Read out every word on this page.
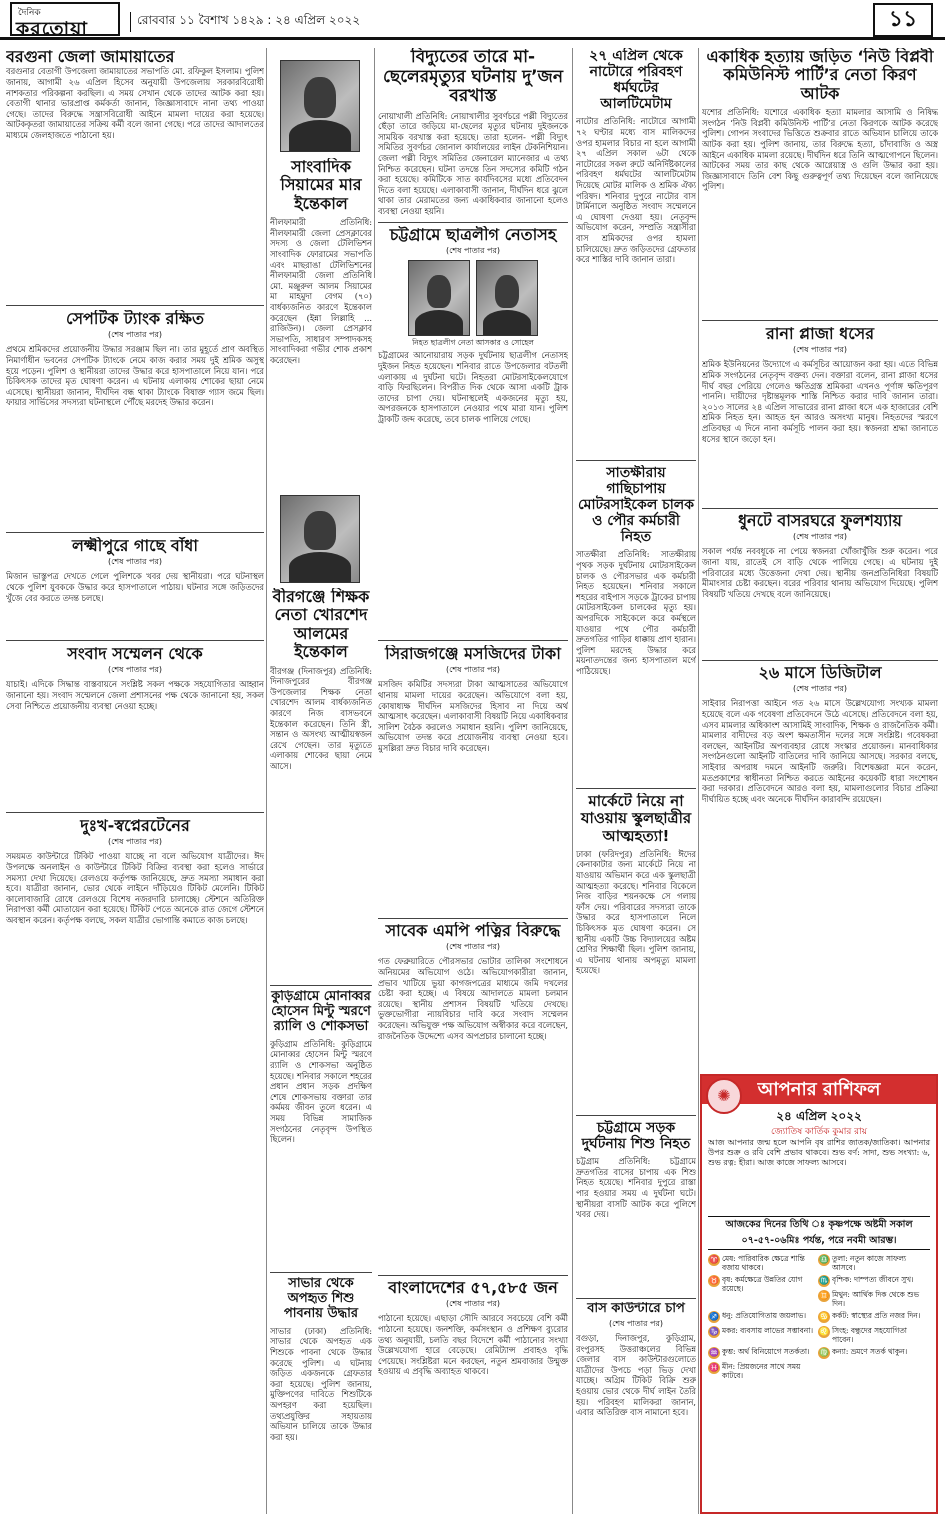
দৈনিক
করতোয়া	রোববার ১১ বৈশাখ ১৪২৯ : ২৪ এপ্রিল ২০২২	১১
বরগুনা জেলা জামায়াতের
বরগুনার বেতাগী উপজেলা জামায়াতের সভাপতি মো. রফিকুল ইসলাম। পুলিশ জানায়, আগামী ২৬ এপ্রিল হিসেব অনুযায়ী উপজেলায় সরকারবিরোধী নাশকতার পরিকল্পনা করছিল। এ সময় সেখান থেকে তাদের আটক করা হয়। বেতাগী থানার ভারপ্রাপ্ত কর্মকর্তা জানান, জিজ্ঞাসাবাদে নানা তথ্য পাওয়া গেছে। তাদের বিরুদ্ধে সন্ত্রাসবিরোধী আইনে মামলা দায়ের করা হয়েছে। আটককৃতরা জামায়াতের সক্রিয় কর্মী বলে জানা গেছে। পরে তাদের আদালতের মাধ্যমে জেলহাজতে পাঠানো হয়।
সেপটিক ট্যাংক রক্ষিত
(শেষ পাতার পর)
প্রথমে শ্রমিকদের প্রয়োজনীয় উদ্ধার সরঞ্জাম ছিল না। তার মুহূর্তে প্রাণ অবস্থিত নিমার্ণাধীন ভবনের সেপটিক ট্যাংকে নেমে কাজ করার সময় দুই শ্রমিক অসুস্থ হয়ে পড়েন। পুলিশ ও স্থানীয়রা তাদের উদ্ধার করে হাসপাতালে নিয়ে যান। পরে চিকিৎসক তাদের মৃত ঘোষণা করেন। এ ঘটনায় এলাকায় শোকের ছায়া নেমে এসেছে। স্থানীয়রা জানান, দীর্ঘদিন বন্ধ থাকা ট্যাংকে বিষাক্ত গ্যাস জমে ছিল। ফায়ার সার্ভিসের সদস্যরা ঘটনাস্থলে পৌঁছে মরদেহ উদ্ধার করেন।
লক্ষ্মীপুরে গাছে বাঁধা
(শেষ পাতার পর)
মিজান ভাস্তুপত্র দেখতে গেলে পুলিশকে খবর দেয় স্থানীয়রা। পরে ঘটনাস্থল থেকে পুলিশ যুবককে উদ্ধার করে হাসপাতালে পাঠায়। ঘটনার সঙ্গে জড়িতদের খুঁজে বের করতে তদন্ত চলছে।
সংবাদ সম্মেলন থেকে
(শেষ পাতার পর)
যাচাই। এদিকে সিদ্ধান্ত বাস্তবায়নে সংশ্লিষ্ট সকল পক্ষকে সহযোগিতার আহ্বান জানানো হয়। সংবাদ সম্মেলনে জেলা প্রশাসনের পক্ষ থেকে জানানো হয়, সকল সেবা নিশ্চিতে প্রয়োজনীয় ব্যবস্থা নেওয়া হচ্ছে।
দুঃখ-স্বপ্নেরটেনের
(শেষ পাতার পর)
সময়মত কাউন্টারে টিকিট পাওয়া যাচ্ছে না বলে অভিযোগ যাত্রীদের। ঈদ উপলক্ষে অনলাইন ও কাউন্টারে টিকিট বিক্রির ব্যবস্থা করা হলেও সার্ভারে সমস্যা দেখা দিয়েছে। রেলওয়ে কর্তৃপক্ষ জানিয়েছে, দ্রুত সমস্যা সমাধান করা হবে। যাত্রীরা জানান, ভোর থেকে লাইনে দাঁড়িয়েও টিকিট মেলেনি। টিকিট কালোবাজারি রোধে রেলওয়ে বিশেষ নজরদারি চালাচ্ছে। স্টেশনে অতিরিক্ত নিরাপত্তা কর্মী মোতায়েন করা হয়েছে। টিকিট পেতে অনেকে রাত জেগে স্টেশনে অবস্থান করেন। কর্তৃপক্ষ বলছে, সকল যাত্রীর ভোগান্তি কমাতে কাজ চলছে।
সাংবাদিক সিয়ামের মার ইন্তেকাল
নীলফামারী প্রতিনিধি: নীলফামারী জেলা প্রেসক্লাবের সদস্য ও জেলা টেলিভিশন সাংবাদিক ফোরামের সভাপতি এবং মাছরাঙা টেলিভিশনের নীলফামারী জেলা প্রতিনিধি মো. মঞ্জুরুল আলম সিয়ামের মা মাহমুদা বেগম (৭০) বার্ধক্যজনিত কারণে ইন্তেকাল করেছেন (ইন্না লিল্লাহি ... রাজিউন)। জেলা প্রেসক্লাব সভাপতি, সাধারণ সম্পাদকসহ সাংবাদিকরা গভীর শোক প্রকাশ করেছেন।
বীরগঞ্জে শিক্ষক নেতা খোরশেদ আলমের ইন্তেকাল
বীরগঞ্জ (দিনাজপুর) প্রতিনিধি: দিনাজপুরের বীরগঞ্জ উপজেলার শিক্ষক নেতা খোরশেদ আলম বার্ধক্যজনিত কারণে নিজ বাসভবনে ইন্তেকাল করেছেন। তিনি স্ত্রী, সন্তান ও অসংখ্য আত্মীয়স্বজন রেখে গেছেন। তার মৃত্যুতে এলাকায় শোকের ছায়া নেমে আসে।
কুড়িগ্রামে মোনাব্বর হোসেন মিন্টু স্মরণে র‌্যালি ও শোকসভা
কুড়িগ্রাম প্রতিনিধি: কুড়িগ্রামে মোনাব্বর হোসেন মিন্টু স্মরণে র‌্যালি ও শোকসভা অনুষ্ঠিত হয়েছে। শনিবার সকালে শহরের প্রধান প্রধান সড়ক প্রদক্ষিণ শেষে শোকসভায় বক্তারা তার কর্মময় জীবন তুলে ধরেন। এ সময় বিভিন্ন সামাজিক সংগঠনের নেতৃবৃন্দ উপস্থিত ছিলেন।
সাভার থেকে অপহৃত শিশু পাবনায় উদ্ধার
সাভার (ঢাকা) প্রতিনিধি: সাভার থেকে অপহৃত এক শিশুকে পাবনা থেকে উদ্ধার করেছে পুলিশ। এ ঘটনায় জড়িত একজনকে গ্রেফতার করা হয়েছে। পুলিশ জানায়, মুক্তিপণের দাবিতে শিশুটিকে অপহরণ করা হয়েছিল। তথ্যপ্রযুক্তির সহায়তায় অভিযান চালিয়ে তাকে উদ্ধার করা হয়।
বিদ্যুতের তারে মা-ছেলেরমৃত্যুর ঘটনায় দু’জন বরখাস্ত
নোয়াখালী প্রতিনিধি: নোয়াখালীর সুবর্ণচরে পল্লী বিদ্যুতের ছেঁড়া তারে জড়িয়ে মা-ছেলের মৃত্যুর ঘটনায় দুইজনকে সাময়িক বরখাস্ত করা হয়েছে। তারা হলেন- পল্লী বিদ্যুৎ সমিতির সুবর্ণচর জোনাল কার্যালয়ের লাইন টেকনিশিয়ান। জেলা পল্লী বিদ্যুৎ সমিতির জেনারেল ম্যানেজার এ তথ্য নিশ্চিত করেছেন। ঘটনা তদন্তে তিন সদস্যের কমিটি গঠন করা হয়েছে। কমিটিকে সাত কার্যদিবসের মধ্যে প্রতিবেদন দিতে বলা হয়েছে। এলাকাবাসী জানান, দীর্ঘদিন ধরে ঝুলে থাকা তার মেরামতের জন্য একাধিকবার জানানো হলেও ব্যবস্থা নেওয়া হয়নি।
চট্টগ্রামে ছাত্রলীগ নেতাসহ
(শেষ পাতার পর)
নিহত ছাত্রলীগ নেতা আসকার ও সোহেল
চট্টগ্রামের আনোয়ারায় সড়ক দুর্ঘটনায় ছাত্রলীগ নেতাসহ দুইজন নিহত হয়েছেন। শনিবার রাতে উপজেলার বটতলী এলাকায় এ দুর্ঘটনা ঘটে। নিহতরা মোটরসাইকেলযোগে বাড়ি ফিরছিলেন। বিপরীত দিক থেকে আসা একটি ট্রাক তাদের চাপা দেয়। ঘটনাস্থলেই একজনের মৃত্যু হয়, অপরজনকে হাসপাতালে নেওয়ার পথে মারা যান। পুলিশ ট্রাকটি জব্দ করেছে, তবে চালক পালিয়ে গেছে।
সিরাজগঞ্জে মসজিদের টাকা
(শেষ পাতার পর)
মসজিদ কমিটির সদস্যরা টাকা আত্মসাতের অভিযোগে থানায় মামলা দায়ের করেছেন। অভিযোগে বলা হয়, কোষাধ্যক্ষ দীর্ঘদিন মসজিদের হিসাব না দিয়ে অর্থ আত্মসাৎ করেছেন। এলাকাবাসী বিষয়টি নিয়ে একাধিকবার সালিশ বৈঠক করলেও সমাধান হয়নি। পুলিশ জানিয়েছে, অভিযোগ তদন্ত করে প্রয়োজনীয় ব্যবস্থা নেওয়া হবে। মুসল্লিরা দ্রুত বিচার দাবি করেছেন।
সাবেক এমপি পত্নির বিরুদ্ধে
(শেষ পাতার পর)
গত ফেব্রুয়ারিতে পৌরসভার ভোটার তালিকা সংশোধনে অনিয়মের অভিযোগ ওঠে। অভিযোগকারীরা জানান, প্রভাব খাটিয়ে ভুয়া কাগজপত্রের মাধ্যমে জমি দখলের চেষ্টা করা হচ্ছে। এ বিষয়ে আদালতে মামলা চলমান রয়েছে। স্থানীয় প্রশাসন বিষয়টি খতিয়ে দেখছে। ভুক্তভোগীরা ন্যায়বিচার দাবি করে সংবাদ সম্মেলন করেছেন। অভিযুক্ত পক্ষ অভিযোগ অস্বীকার করে বলেছেন, রাজনৈতিক উদ্দেশ্যে এসব অপপ্রচার চালানো হচ্ছে।
বাংলাদেশের ৫৭,৫৮৫ জন
(শেষ পাতার পর)
পাঠানো হয়েছে। এছাড়া সৌদি আরবে সবচেয়ে বেশি কর্মী পাঠানো হয়েছে। জনশক্তি, কর্মসংস্থান ও প্রশিক্ষণ ব্যুরোর তথ্য অনুযায়ী, চলতি বছর বিদেশে কর্মী পাঠানোর সংখ্যা উল্লেখযোগ্য হারে বেড়েছে। রেমিট্যান্স প্রবাহও বৃদ্ধি পেয়েছে। সংশ্লিষ্টরা মনে করছেন, নতুন শ্রমবাজার উন্মুক্ত হওয়ায় এ প্রবৃদ্ধি অব্যাহত থাকবে।
২৭ এপ্রিল থেকে নাটোরে পরিবহণ ধর্মঘটের আলটিমেটাম
নাটোর প্রতিনিধি: নাটোরে আগামী ৭২ ঘণ্টার মধ্যে বাস মালিকদের ওপর হামলার বিচার না হলে আগামী ২৭ এপ্রিল সকাল ৬টা থেকে নাটোরের সকল রুটে অনির্দিষ্টকালের পরিবহণ ধর্মঘটের আলটিমেটাম দিয়েছে মোটর মালিক ও শ্রমিক ঐক্য পরিষদ। শনিবার দুপুরে নাটোর বাস টার্মিনালে অনুষ্ঠিত সংবাদ সম্মেলনে এ ঘোষণা দেওয়া হয়। নেতৃবৃন্দ অভিযোগ করেন, সম্প্রতি সন্ত্রাসীরা বাস শ্রমিকদের ওপর হামলা চালিয়েছে। দ্রুত জড়িতদের গ্রেফতার করে শাস্তির দাবি জানান তারা।
সাতক্ষীরায় গাছিচাপায় মোটরসাইকেল চালক ও পৌর কর্মচারী নিহত
সাতক্ষীরা প্রতিনিধি: সাতক্ষীরায় পৃথক সড়ক দুর্ঘটনায় মোটরসাইকেল চালক ও পৌরসভার এক কর্মচারী নিহত হয়েছেন। শনিবার সকালে শহরের বাইপাস সড়কে ট্রাকের চাপায় মোটরসাইকেল চালকের মৃত্যু হয়। অপরদিকে সাইকেলে করে কর্মস্থলে যাওয়ার পথে পৌর কর্মচারী দ্রুতগতির গাড়ির ধাক্কায় প্রাণ হারান। পুলিশ মরদেহ উদ্ধার করে ময়নাতদন্তের জন্য হাসপাতাল মর্গে পাঠিয়েছে।
মার্কেটে নিয়ে না যাওয়ায় স্কুলছাত্রীর আত্মহত্যা!
ঢাকা (ফরিদপুর) প্রতিনিধি: ঈদের কেনাকাটার জন্য মার্কেটে নিয়ে না যাওয়ায় অভিমান করে এক স্কুলছাত্রী আত্মহত্যা করেছে। শনিবার বিকেলে নিজ বাড়ির শয়নকক্ষে সে গলায় ফাঁস দেয়। পরিবারের সদস্যরা তাকে উদ্ধার করে হাসপাতালে নিলে চিকিৎসক মৃত ঘোষণা করেন। সে স্থানীয় একটি উচ্চ বিদ্যালয়ের অষ্টম শ্রেণির শিক্ষার্থী ছিল। পুলিশ জানায়, এ ঘটনায় থানায় অপমৃত্যু মামলা হয়েছে।
চট্টগ্রামে সড়ক দুর্ঘটনায় শিশু নিহত
চট্টগ্রাম প্রতিনিধি: চট্টগ্রামে দ্রুতগতির বাসের চাপায় এক শিশু নিহত হয়েছে। শনিবার দুপুরে রাস্তা পার হওয়ার সময় এ দুর্ঘটনা ঘটে। স্থানীয়রা বাসটি আটক করে পুলিশে খবর দেয়।
বাস কাউন্টারে চাপ
(শেষ পাতার পর)
বগুড়া, দিনাজপুর, কুড়িগ্রাম, রংপুরসহ উত্তরাঞ্চলের বিভিন্ন জেলার বাস কাউন্টারগুলোতে যাত্রীদের উপচে পড়া ভিড় দেখা যাচ্ছে। অগ্রিম টিকিট বিক্রি শুরু হওয়ায় ভোর থেকে দীর্ঘ লাইন তৈরি হয়। পরিবহণ মালিকরা জানান, এবার অতিরিক্ত বাস নামানো হবে।
একাধিক হত্যায় জড়িত ‘নিউ বিপ্লবী কমিউনিস্ট পার্টি’র নেতা কিরণ আটক
যশোর প্রতিনিধি: যশোরে একাধিক হত্যা মামলার আসামি ও নিষিদ্ধ সংগঠন ‘নিউ বিপ্লবী কমিউনিস্ট পার্টি’র নেতা কিরণকে আটক করেছে পুলিশ। গোপন সংবাদের ভিত্তিতে শুক্রবার রাতে অভিযান চালিয়ে তাকে আটক করা হয়। পুলিশ জানায়, তার বিরুদ্ধে হত্যা, চাঁদাবাজি ও অস্ত্র আইনে একাধিক মামলা রয়েছে। দীর্ঘদিন ধরে তিনি আত্মগোপনে ছিলেন। আটকের সময় তার কাছ থেকে আগ্নেয়াস্ত্র ও গুলি উদ্ধার করা হয়। জিজ্ঞাসাবাদে তিনি বেশ কিছু গুরুত্বপূর্ণ তথ্য দিয়েছেন বলে জানিয়েছে পুলিশ।
রানা প্লাজা ধসের
(শেষ পাতার পর)
শ্রমিক ইউনিয়নের উদ্যোগে এ কর্মসূচির আয়োজন করা হয়। এতে বিভিন্ন শ্রমিক সংগঠনের নেতৃবৃন্দ বক্তব্য দেন। বক্তারা বলেন, রানা প্লাজা ধসের দীর্ঘ বছর পেরিয়ে গেলেও ক্ষতিগ্রস্ত শ্রমিকরা এখনও পূর্ণাঙ্গ ক্ষতিপূরণ পাননি। দায়ীদের দৃষ্টান্তমূলক শাস্তি নিশ্চিত করার দাবি জানান তারা। ২০১৩ সালের ২৪ এপ্রিল সাভারের রানা প্লাজা ধসে এক হাজারের বেশি শ্রমিক নিহত হন। আহত হন আরও অসংখ্য মানুষ। নিহতদের স্মরণে প্রতিবছর এ দিনে নানা কর্মসূচি পালন করা হয়। স্বজনরা শ্রদ্ধা জানাতে ধসের স্থানে জড়ো হন।
ধুনটে বাসরঘরে ফুলশয্যায়
(শেষ পাতার পর)
সকাল পর্যন্ত নববধূকে না পেয়ে স্বজনরা খোঁজাখুঁজি শুরু করেন। পরে জানা যায়, রাতেই সে বাড়ি থেকে পালিয়ে গেছে। এ ঘটনায় দুই পরিবারের মধ্যে উত্তেজনা দেখা দেয়। স্থানীয় জনপ্রতিনিধিরা বিষয়টি মীমাংসার চেষ্টা করছেন। বরের পরিবার থানায় অভিযোগ দিয়েছে। পুলিশ বিষয়টি খতিয়ে দেখছে বলে জানিয়েছে।
২৬ মাসে ডিজিটাল
(শেষ পাতার পর)
সাইবার নিরাপত্তা আইনে গত ২৬ মাসে উল্লেখযোগ্য সংখ্যক মামলা হয়েছে বলে এক গবেষণা প্রতিবেদনে উঠে এসেছে। প্রতিবেদনে বলা হয়, এসব মামলার অধিকাংশ আসামিই সাংবাদিক, শিক্ষক ও রাজনৈতিক কর্মী। মামলার বাদীদের বড় অংশ ক্ষমতাসীন দলের সঙ্গে সংশ্লিষ্ট। গবেষকরা বলছেন, আইনটির অপব্যবহার রোধে সংস্কার প্রয়োজন। মানবাধিকার সংগঠনগুলো আইনটি বাতিলের দাবি জানিয়ে আসছে। সরকার বলছে, সাইবার অপরাধ দমনে আইনটি জরুরি। বিশেষজ্ঞরা মনে করেন, মতপ্রকাশের স্বাধীনতা নিশ্চিত করতে আইনের কয়েকটি ধারা সংশোধন করা দরকার। প্রতিবেদনে আরও বলা হয়, মামলাগুলোর বিচার প্রক্রিয়া দীর্ঘায়িত হচ্ছে এবং অনেকে দীর্ঘদিন কারাবন্দি রয়েছেন।
আপনার রাশিফল
✺
২৪ এপ্রিল ২০২২
জ্যোতিষ কার্তিক কুমার রায়
আজ আপনার জন্ম হলে আপনি বৃষ রাশির জাতক/জাতিকা। আপনার উপর শুক্র ও রবি বেশি প্রভাব থাকবে। শুভ বর্ণ: সাদা, শুভ সংখ্যা: ৬, শুভ রত্ন: হীরা। আজ কাজে সাফল্য আসবে।
আজকের দিনের তিথি ঃ কৃষ্ণপক্ষে অষ্টমী সকাল ০৭-৫৭-০৬মিঃ পর্যন্ত, পরে নবমী আরম্ভ।
♈ মেষ: পারিবারিক ক্ষেত্রে শান্তি বজায় থাকবে।
♎ তুলা: নতুন কাজে সাফল্য আসবে।
♉ বৃষ: কর্মক্ষেত্রে উন্নতির যোগ রয়েছে।
♏ বৃশ্চিক: দাম্পত্য জীবনে সুখ।
♊ মিথুন: আর্থিক দিক থেকে শুভ দিন।
♐ ধনু: প্রতিযোগিতায় জয়লাভ। ♋ কর্কট: স্বাস্থ্যের প্রতি নজর দিন।
♑ মকর: ব্যবসায় লাভের সম্ভাবনা। ♌ সিংহ: বন্ধুদের সহযোগিতা পাবেন।
♒ কুম্ভ: অর্থ বিনিয়োগে সতর্কতা। ♍ কন্যা: ভ্রমণে সতর্ক থাকুন।
♓ মীন: প্রিয়জনের সাথে সময় কাটবে।
